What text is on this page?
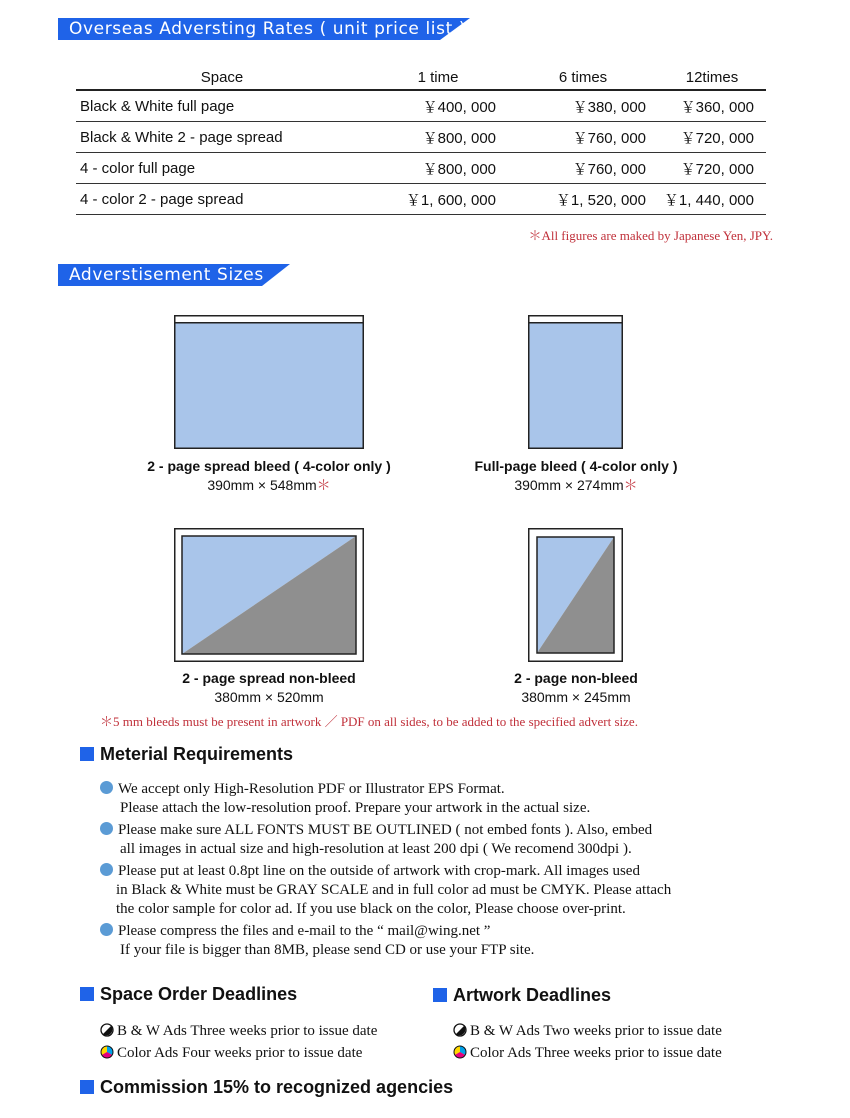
Overseas Adversting Rates ( unit price list )
Space	1 time	6 times	12times
Black & White full page	￥400, 000	￥380, 000	￥360, 000
Black & White 2 - page spread	￥800, 000	￥760, 000	￥720, 000
4 - color full page	￥800, 000	￥760, 000	￥720, 000
4 - color 2 - page spread	￥1, 600, 000	￥1, 520, 000	￥1, 440, 000
＊All figures are maked by Japanese Yen, JPY.
Adverstisement Sizes
2 - page spread bleed ( 4-color only )
390mm × 548mm＊
Full-page bleed ( 4-color only )
390mm × 274mm＊
2 - page spread non-bleed
380mm × 520mm
2 - page non-bleed
380mm × 245mm
＊5 mm bleeds must be present in artwork ／ PDF on all sides, to be added to the specified advert size.
Meterial Requirements
We accept only High-Resolution PDF or Illustrator EPS Format.
Please attach the low-resolution proof. Prepare your artwork in the actual size.
Please make sure ALL FONTS MUST BE OUTLINED ( not embed fonts ). Also, embed
all images in actual size and high-resolution at least 200 dpi ( We recomend 300dpi ).
Please put at least 0.8pt line on the outside of artwork with crop-mark. All images used
in Black & White must be GRAY SCALE and in full color ad must be CMYK. Please attach
the color sample for color ad. If you use black on the color, Please choose over-print.
Please compress the files and e-mail to the “ mail@wing.net ”
If your file is bigger than 8MB, please send CD or use your FTP site.
Space Order Deadlines	Artwork Deadlines
B & W Ads Three weeks prior to issue date
Color Ads Four weeks prior to issue date
B & W Ads Two weeks prior to issue date
Color Ads Three weeks prior to issue date
Commission 15% to recognized agencies
